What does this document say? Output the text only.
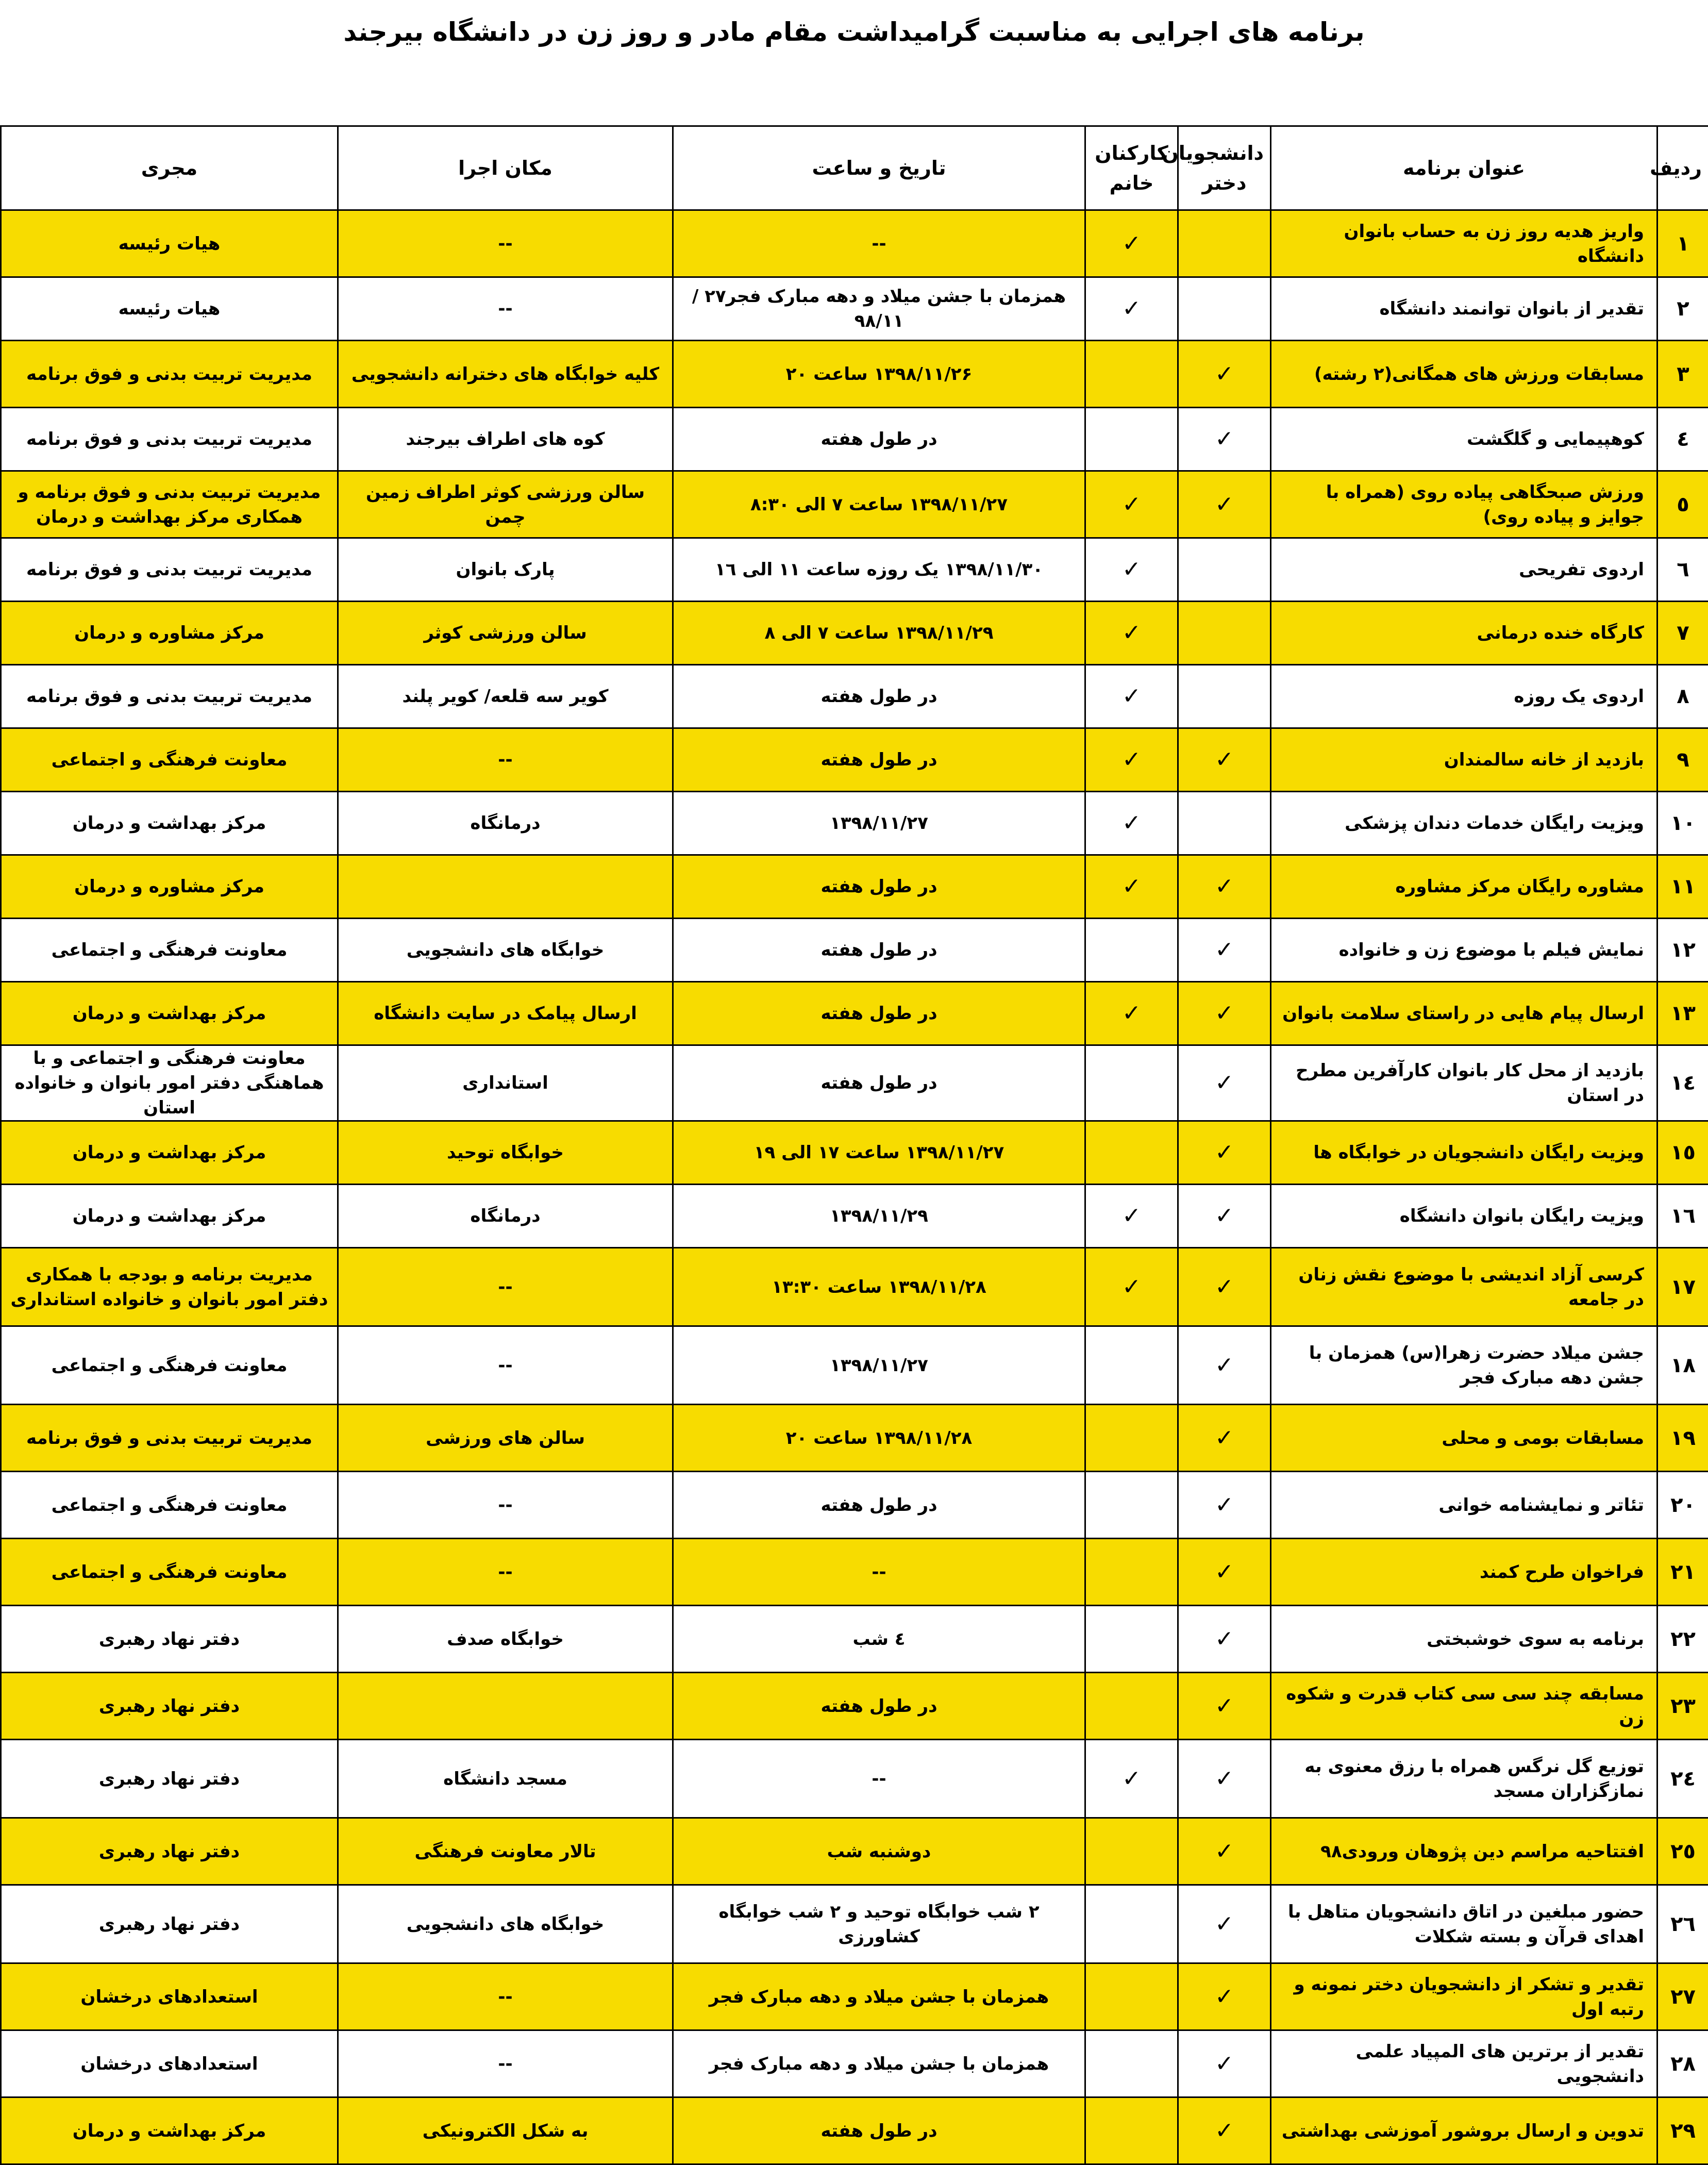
برنامه های اجرایی به مناسبت گرامیداشت مقام مادر و روز زن در دانشگاه بیرجند
ردیف	عنوان برنامه	دانشجویان دختر	کارکنان خانم	تاریخ و ساعت	مکان اجرا	مجری
۱	واریز هدیه روز زن به حساب بانوان دانشگاه		✓	--	--	هیات رئیسه
۲	تقدیر از بانوان توانمند دانشگاه		✓	همزمان با جشن میلاد و دهه مبارک فجر۲۷ /۹۸/۱۱	--	هیات رئیسه
۳	مسابقات ورزش های همگانی(۲ رشته)	✓		۱۳۹۸/۱۱/۲۶ ساعت ۲۰	کلیه خوابگاه های دخترانه دانشجویی	مدیریت تربیت بدنی و فوق برنامه
٤	کوهپیمایی و گلگشت	✓		در طول هفته	کوه های اطراف بیرجند	مدیریت تربیت بدنی و فوق برنامه
٥	ورزش صبحگاهی پیاده روی (همراه با جوایز و پیاده روی)	✓	✓	۱۳۹۸/۱۱/۲۷ ساعت ۷ الی ۸:۳۰	سالن ورزشی کوثر اطراف زمین چمن	مدیریت تربیت بدنی و فوق برنامه و همکاری مرکز بهداشت و درمان
٦	اردوی تفریحی		✓	۱۳۹۸/۱۱/۳۰ یک روزه ساعت ۱۱ الی ۱٦	پارک بانوان	مدیریت تربیت بدنی و فوق برنامه
۷	کارگاه خنده درمانی		✓	۱۳۹۸/۱۱/۲۹ ساعت ۷ الی ۸	سالن ورزشی کوثر	مرکز مشاوره و درمان
۸	اردوی یک روزه		✓	در طول هفته	کویر سه قلعه/ کویر پلند	مدیریت تربیت بدنی و فوق برنامه
۹	بازدید از خانه سالمندان	✓	✓	در طول هفته	--	معاونت فرهنگی و اجتماعی
۱۰	ویزیت رایگان خدمات دندان پزشکی		✓	۱۳۹۸/۱۱/۲۷	درمانگاه	مرکز بهداشت و درمان
۱۱	مشاوره رایگان مرکز مشاوره	✓	✓	در طول هفته		مرکز مشاوره و درمان
۱۲	نمایش فیلم با موضوع زن و خانواده	✓		در طول هفته	خوابگاه های دانشجویی	معاونت فرهنگی و اجتماعی
۱۳	ارسال پیام هایی در راستای سلامت بانوان	✓	✓	در طول هفته	ارسال پیامک در سایت دانشگاه	مرکز بهداشت و درمان
۱٤	بازدید از محل کار بانوان کارآفرین مطرح در استان	✓		در طول هفته	استانداری	معاونت فرهنگی و اجتماعی و با هماهنگی دفتر امور بانوان و خانواده استان
۱٥	ویزیت رایگان دانشجویان در خوابگاه ها	✓		۱۳۹۸/۱۱/۲۷ ساعت ۱۷ الی ۱۹	خوابگاه توحید	مرکز بهداشت و درمان
۱٦	ویزیت رایگان بانوان دانشگاه	✓	✓	۱۳۹۸/۱۱/۲۹	درمانگاه	مرکز بهداشت و درمان
۱۷	کرسی آزاد اندیشی با موضوع نقش زنان در جامعه	✓	✓	۱۳۹۸/۱۱/۲۸ ساعت ۱۳:۳۰	--	مدیریت برنامه و بودجه با همکاری دفتر امور بانوان و خانواده استانداری
۱۸	جشن میلاد حضرت زهرا(س) همزمان با جشن دهه مبارک فجر	✓		۱۳۹۸/۱۱/۲۷	--	معاونت فرهنگی و اجتماعی
۱۹	مسابقات بومی و محلی	✓		۱۳۹۸/۱۱/۲۸ ساعت ۲۰	سالن های ورزشی	مدیریت تربیت بدنی و فوق برنامه
۲۰	تئاتر و نمایشنامه خوانی	✓		در طول هفته	--	معاونت فرهنگی و اجتماعی
۲۱	فراخوان طرح کمند	✓		--	--	معاونت فرهنگی و اجتماعی
۲۲	برنامه به سوی خوشبختی	✓		٤ شب	خوابگاه صدف	دفتر نهاد رهبری
۲۳	مسابقه چند سی سی کتاب قدرت و شکوه زن	✓		در طول هفته		دفتر نهاد رهبری
۲٤	توزیع گل نرگس همراه با رزق معنوی به نمازگزاران مسجد	✓	✓	--	مسجد دانشگاه	دفتر نهاد رهبری
۲٥	افتتاحیه مراسم دین پژوهان ورودی۹۸	✓		دوشنبه شب	تالار معاونت فرهنگی	دفتر نهاد رهبری
۲٦	حضور مبلغین در اتاق دانشجویان متاهل با اهدای قرآن و بسته شکلات	✓		۲ شب خوابگاه توحید و ۲ شب خوابگاه کشاورزی	خوابگاه های دانشجویی	دفتر نهاد رهبری
۲۷	تقدیر و تشکر از دانشجویان دختر نمونه و رتبه اول	✓		همزمان با جشن میلاد و دهه مبارک فجر	--	استعدادهای درخشان
۲۸	تقدیر از برترین های المپیاد علمی دانشجویی	✓		همزمان با جشن میلاد و دهه مبارک فجر	--	استعدادهای درخشان
۲۹	تدوین و ارسال بروشور آموزشی بهداشتی	✓		در طول هفته	به شکل الکترونیکی	مرکز بهداشت و درمان
